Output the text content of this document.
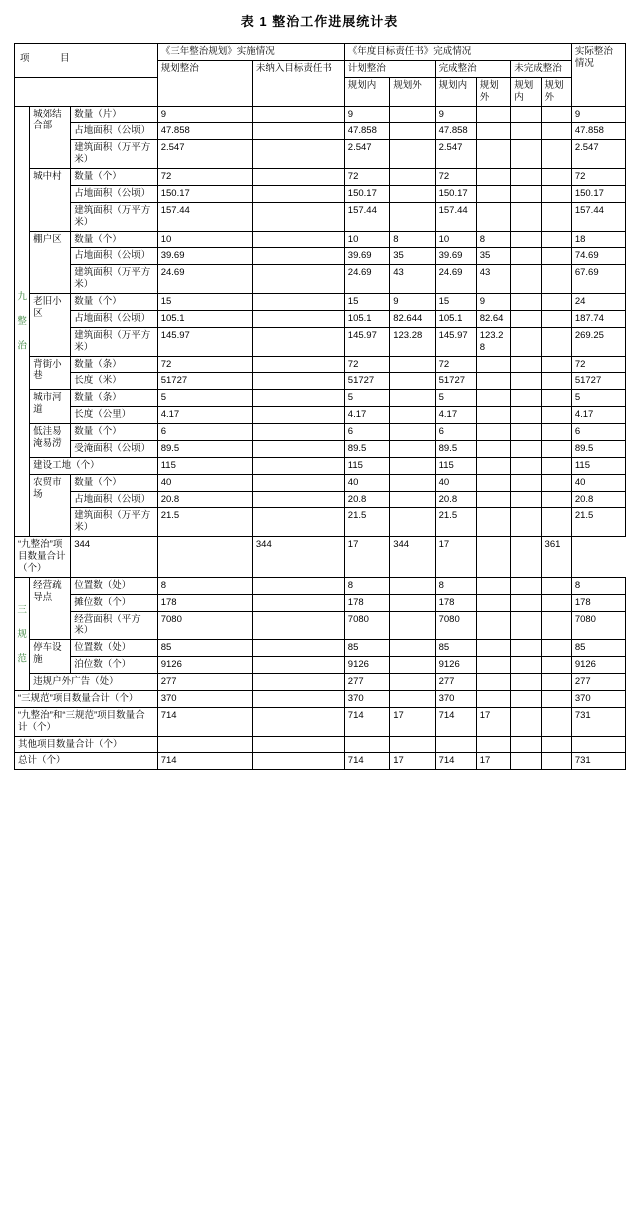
表 1 整治工作进展统计表
项 目			《三年整治规划》实施情况		《年度目标责任书》完成情况						实际整治情况
			规划整治	未纳入目标责任书	计划整治		完成整治		未完成整治		
					规划内	规划外	规划内	规划外	规划内	规划外	
九 整 治	城郊结合部	数量（片）	9		9		9				9
		占地面积（公顷）	47.858		47.858		47.858				47.858
		建筑面积（万平方米）	2.547		2.547		2.547				2.547
	城中村	数量（个）	72		72		72				72
		占地面积（公顷）	150.17		150.17		150.17				150.17
		建筑面积（万平方米）	157.44		157.44		157.44				157.44
	棚户区	数量（个）	10		10	8	10	8			18
		占地面积（公顷）	39.69		39.69	35	39.69	35			74.69
		建筑面积（万平方米）	24.69		24.69	43	24.69	43			67.69
	老旧小区	数量（个）	15		15	9	15	9			24
		占地面积（公顷）	105.1		105.1	82.644	105.1	82.64			187.74
		建筑面积（万平方米）	145.97		145.97	123.28	145.97	123.28			269.25
	背街小巷	数量（条）	72		72		72				72
		长度（米）	51727		51727		51727				51727
	城市河道	数量（条）	5		5		5				5
		长度（公里）	4.17		4.17		4.17				4.17
	低洼易淹易涝	数量（个）	6		6		6				6
		受淹面积（公顷）	89.5		89.5		89.5				89.5
	建设工地（个）		115		115		115				115
	农贸市场	数量（个）	40		40		40				40
		占地面积（公顷）	20.8		20.8		20.8				20.8
		建筑面积（万平方米）	21.5		21.5		21.5				21.5
“九整治”项目数量合计（个）		344		344	17	344	17			361	
三 规 范	经营疏导点	位置数（处）	8		8		8				8
		摊位数（个）	178		178		178				178
		经营面积（平方米）	7080		7080		7080				7080
	停车设施	位置数（处）	85		85		85				85
		泊位数（个）	9126		9126		9126				9126
	违规户外广告（处）		277		277		277				277
“三规范”项目数量合计（个）			370		370		370				370
“九整治”和“三规范”项目数量合计（个）			714		714	17	714	17			731
其他项目数量合计（个）											
总计（个）			714		714	17	714	17			731
